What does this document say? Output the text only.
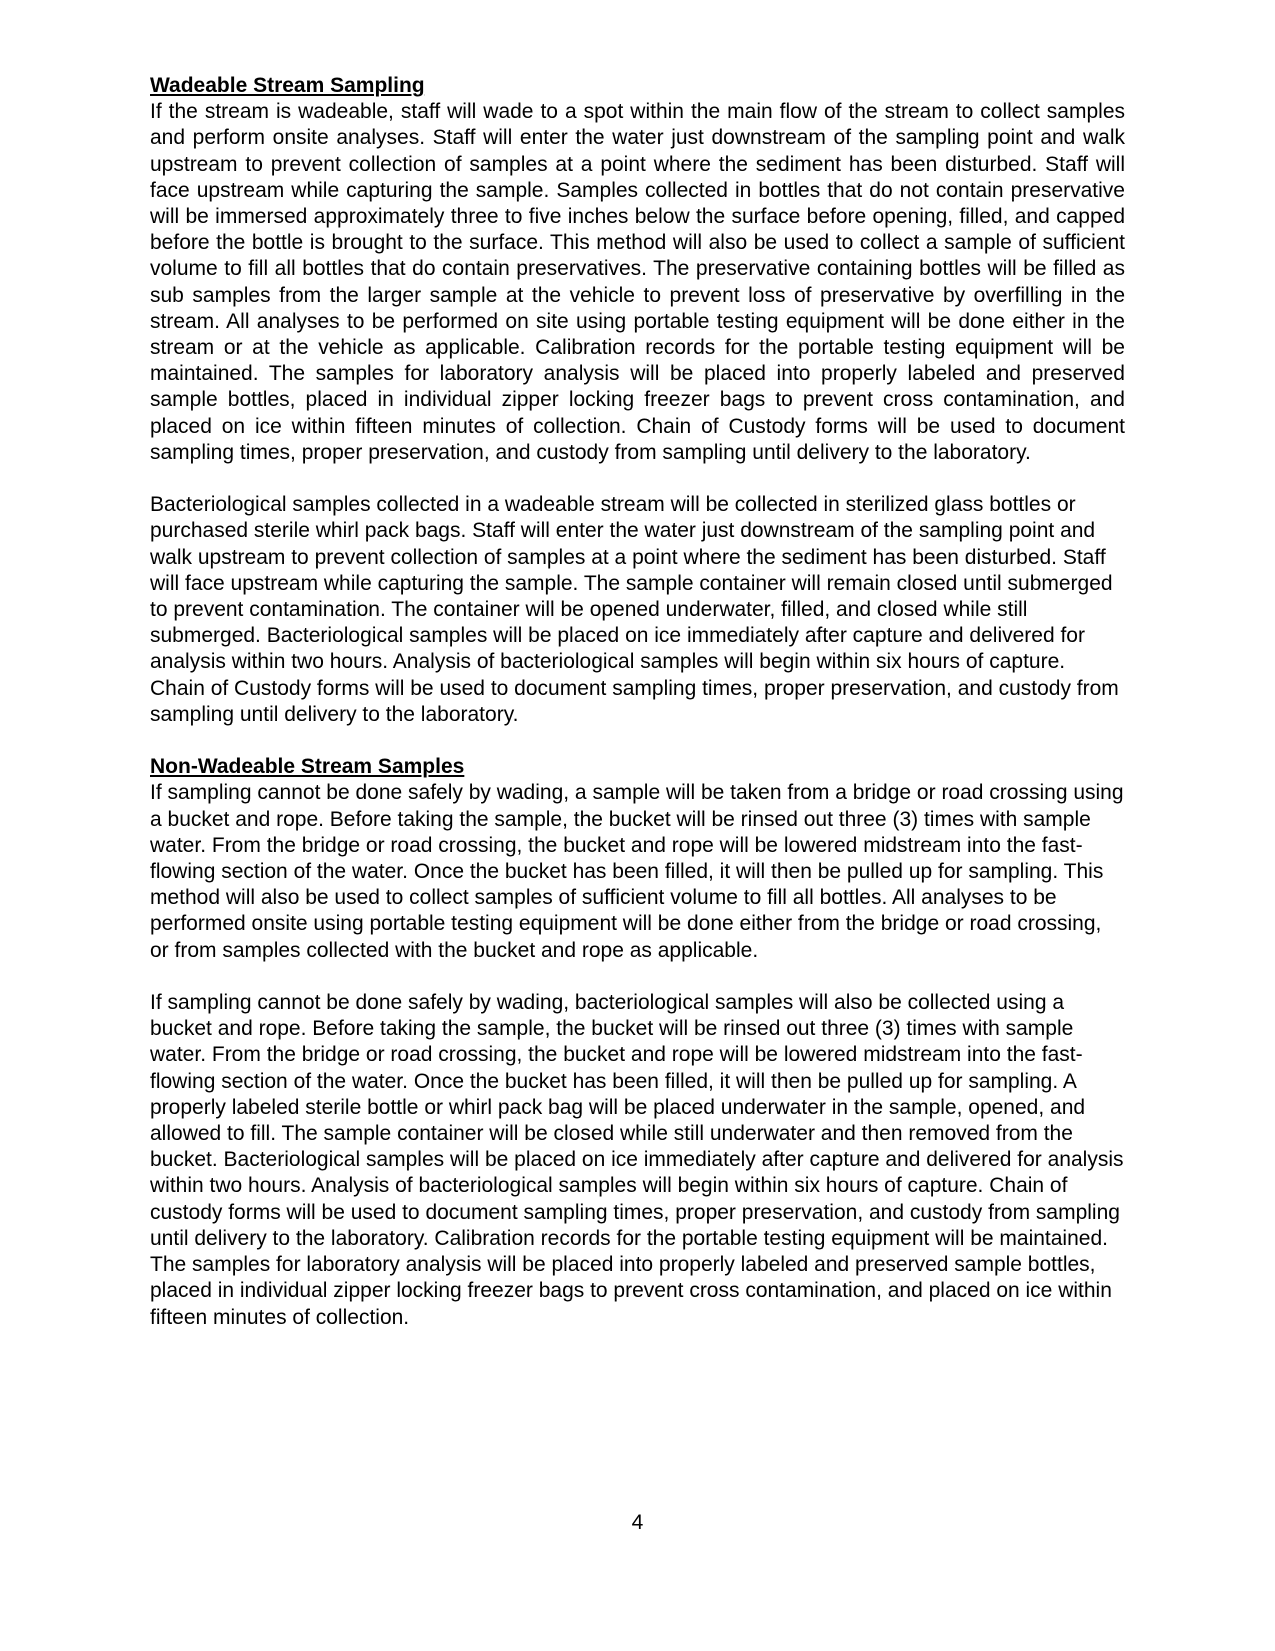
Wadeable Stream Sampling

If the stream is wadeable, staff will wade to a spot within the main flow of the stream to collect samples and perform onsite analyses. Staff will enter the water just downstream of the sampling point and walk upstream to prevent collection of samples at a point where the sediment has been disturbed. Staff will face upstream while capturing the sample. Samples collected in bottles that do not contain preservative will be immersed approximately three to five inches below the surface before opening, filled, and capped before the bottle is brought to the surface. This method will also be used to collect a sample of sufficient volume to fill all bottles that do contain preservatives. The preservative containing bottles will be filled as sub samples from the larger sample at the vehicle to prevent loss of preservative by overfilling in the stream. All analyses to be performed on site using portable testing equipment will be done either in the stream or at the vehicle as applicable. Calibration records for the portable testing equipment will be maintained. The samples for laboratory analysis will be placed into properly labeled and preserved sample bottles, placed in individual zipper locking freezer bags to prevent cross contamination, and placed on ice within fifteen minutes of collection. Chain of Custody forms will be used to document sampling times, proper preservation, and custody from sampling until delivery to the laboratory.

Bacteriological samples collected in a wadeable stream will be collected in sterilized glass bottles or purchased sterile whirl pack bags. Staff will enter the water just downstream of the sampling point and walk upstream to prevent collection of samples at a point where the sediment has been disturbed. Staff will face upstream while capturing the sample. The sample container will remain closed until submerged to prevent contamination. The container will be opened underwater, filled, and closed while still submerged. Bacteriological samples will be placed on ice immediately after capture and delivered for analysis within two hours. Analysis of bacteriological samples will begin within six hours of capture. Chain of Custody forms will be used to document sampling times, proper preservation, and custody from sampling until delivery to the laboratory.

Non-Wadeable Stream Samples

If sampling cannot be done safely by wading, a sample will be taken from a bridge or road crossing using a bucket and rope. Before taking the sample, the bucket will be rinsed out three (3) times with sample water. From the bridge or road crossing, the bucket and rope will be lowered midstream into the fast-flowing section of the water. Once the bucket has been filled, it will then be pulled up for sampling. This method will also be used to collect samples of sufficient volume to fill all bottles. All analyses to be performed onsite using portable testing equipment will be done either from the bridge or road crossing, or from samples collected with the bucket and rope as applicable.

If sampling cannot be done safely by wading, bacteriological samples will also be collected using a bucket and rope. Before taking the sample, the bucket will be rinsed out three (3) times with sample water. From the bridge or road crossing, the bucket and rope will be lowered midstream into the fast-flowing section of the water. Once the bucket has been filled, it will then be pulled up for sampling. A properly labeled sterile bottle or whirl pack bag will be placed underwater in the sample, opened, and allowed to fill. The sample container will be closed while still underwater and then removed from the bucket. Bacteriological samples will be placed on ice immediately after capture and delivered for analysis within two hours. Analysis of bacteriological samples will begin within six hours of capture. Chain of custody forms will be used to document sampling times, proper preservation, and custody from sampling until delivery to the laboratory. Calibration records for the portable testing equipment will be maintained. The samples for laboratory analysis will be placed into properly labeled and preserved sample bottles, placed in individual zipper locking freezer bags to prevent cross contamination, and placed on ice within fifteen minutes of collection.

4
